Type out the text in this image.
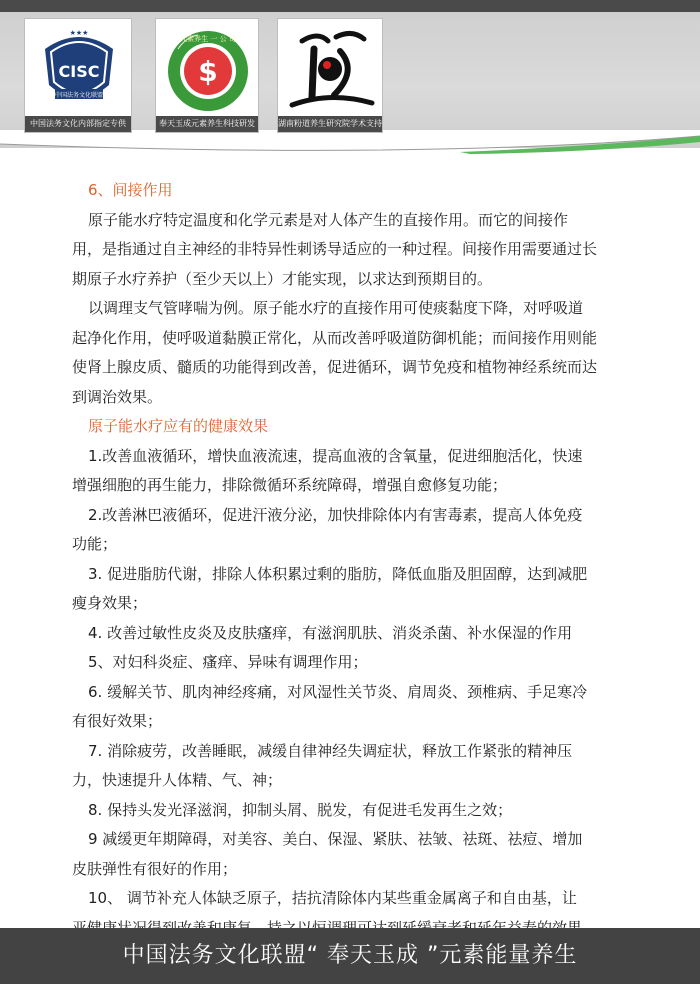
★★★
CISC
中国法务文化联盟
中国法务文化内部指定专供
$
元素养生 一 公 司
奉天玉成元素养生科技研发	湖南粉道养生研究院学术支持
6、间接作用
原子能水疗特定温度和化学元素是对人体产生的直接作用。而它的间接作
用，是指通过自主神经的非特异性刺诱导适应的一种过程。间接作用需要通过长
期原子水疗养护（至少天以上）才能实现，以求达到预期目的。
以调理支气管哮喘为例。原子能水疗的直接作用可使痰黏度下降，对呼吸道
起净化作用，使呼吸道黏膜正常化，从而改善呼吸道防御机能；而间接作用则能
使肾上腺皮质、髓质的功能得到改善，促进循环，调节免疫和植物神经系统而达
到调治效果。
原子能水疗应有的健康效果
1.改善血液循环，增快血液流速，提高血液的含氧量，促进细胞活化，快速
增强细胞的再生能力，排除微循环系统障碍，增强自愈修复功能；
2.改善淋巴液循环，促进汗液分泌，加快排除体内有害毒素，提高人体免疫
功能；
3. 促进脂肪代谢，排除人体积累过剩的脂肪，降低血脂及胆固醇，达到减肥
瘦身效果；
4. 改善过敏性皮炎及皮肤瘙痒，有滋润肌肤、消炎杀菌、补水保湿的作用
5、对妇科炎症、瘙痒、异味有调理作用；
6. 缓解关节、肌肉神经疼痛，对风湿性关节炎、肩周炎、颈椎病、手足寒冷
有很好效果；
7. 消除疲劳，改善睡眠，减缓自律神经失调症状，释放工作紧张的精神压
力，快速提升人体精、气、神；
8. 保持头发光泽滋润，抑制头屑、脱发，有促进毛发再生之效；
9 减缓更年期障碍，对美容、美白、保湿、紧肤、祛皱、祛斑、祛痘、增加
皮肤弹性有很好的作用；
10、 调节补充人体缺乏原子，拮抗清除体内某些重金属离子和自由基，让
中国法务文化联盟“ 奉天玉成 ”元素能量养生
